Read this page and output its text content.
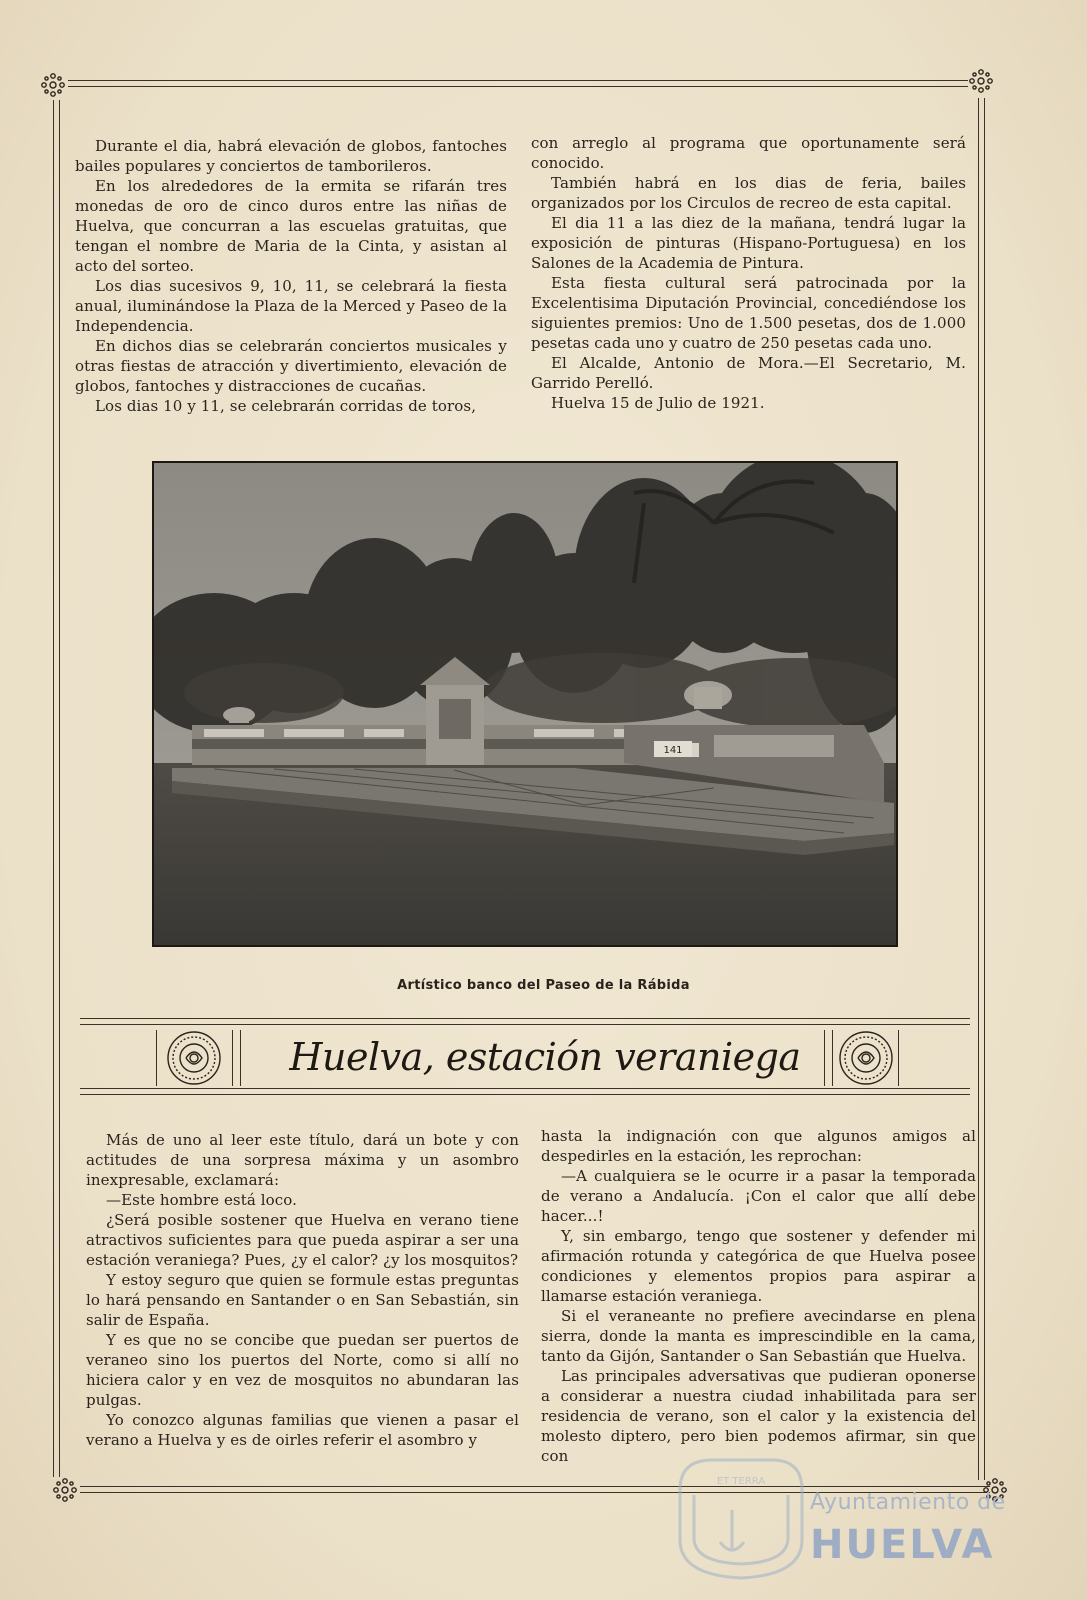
Durante el dia, habrá elevación de globos, fantoches bailes populares y conciertos de tamborileros.

En los alrededores de la ermita se rifarán tres monedas de oro de cinco duros entre las niñas de Huelva, que concurran a las escuelas gratuitas, que tengan el nombre de Maria de la Cinta, y asistan al acto del sorteo.

Los dias sucesivos 9, 10, 11, se celebrará la fiesta anual, iluminándose la Plaza de la Merced y Paseo de la Independencia.

En dichos dias se celebrarán conciertos musicales y otras fiestas de atracción y divertimiento, elevación de globos, fantoches y distracciones de cucañas.

Los dias 10 y 11, se celebrarán corridas de toros,

con arreglo al programa que oportunamente será conocido.

También habrá en los dias de feria, bailes organizados por los Circulos de recreo de esta capital.

El dia 11 a las diez de la mañana, tendrá lugar la exposición de pinturas (Hispano-Portuguesa) en los Salones de la Academia de Pintura.

Esta fiesta cultural será patrocinada por la Excelentisima Diputación Provincial, concediéndose los siguientes premios: Uno de 1.500 pesetas, dos de 1.000 pesetas cada uno y cuatro de 250 pesetas cada uno.

El Alcalde, Antonio de Mora.—El Secretario, M. Garrido Perelló.

Huelva 15 de Julio de 1921.

141
Artístico banco del Paseo de la Rábida
Huelva, estación veraniega

Más de uno al leer este título, dará un bote y con actitudes de una sorpresa máxima y un asombro inexpresable, exclamará:

—Este hombre está loco.

¿Será posible sostener que Huelva en verano tiene atractivos suficientes para que pueda aspirar a ser una estación veraniega? Pues, ¿y el calor? ¿y los mosquitos?

Y estoy seguro que quien se formule estas preguntas lo hará pensando en Santander o en San Sebastián, sin salir de España.

Y es que no se concibe que puedan ser puertos de veraneo sino los puertos del Norte, como si allí no hiciera calor y en vez de mosquitos no abundaran las pulgas.

Yo conozco algunas familias que vienen a pasar el verano a Huelva y es de oirles referir el asombro y

hasta la indignación con que algunos amigos al despedirles en la estación, les reprochan:

—A cualquiera se le ocurre ir a pasar la temporada de verano a Andalucía. ¡Con el calor que allí debe hacer...!

Y, sin embargo, tengo que sostener y defender mi afirmación rotunda y categórica de que Huelva posee condiciones y elementos propios para aspirar a llamarse estación veraniega.

Si el veraneante no prefiere avecindarse en plena sierra, donde la manta es imprescindible en la cama, tanto da Gijón, Santander o San Sebastián que Huelva.

Las principales adversativas que pudieran oponerse a considerar a nuestra ciudad inhabilitada para ser residencia de verano, son el calor y la existencia del molesto diptero, pero bien podemos afirmar, sin que con

ET TERRA
Ayuntamiento de
HUELVA
